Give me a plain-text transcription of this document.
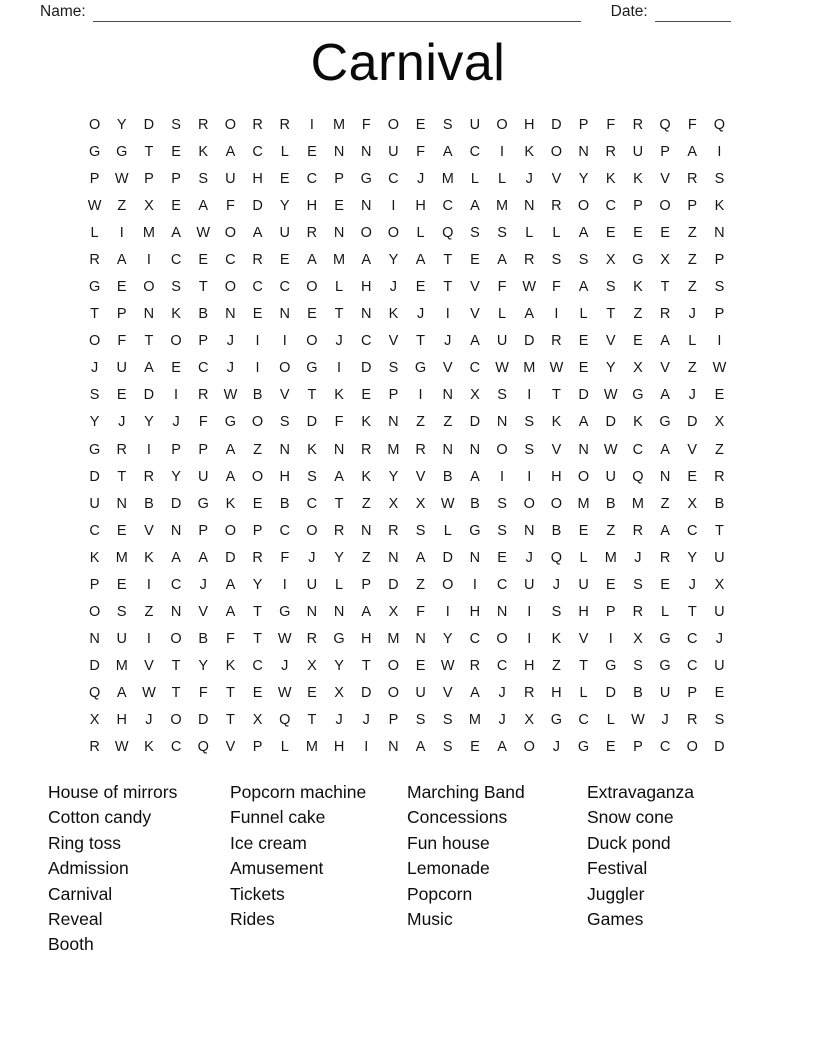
Name:	Date:
Carnival
O	Y	D	S	R	O	R	R	I	M	F	O	E	S	U	O	H	D	P	F	R	Q	F	Q
G	G	T	E	K	A	C	L	E	N	N	U	F	A	C	I	K	O	N	R	U	P	A	I
P	W	P	P	S	U	H	E	C	P	G	C	J	M	L	L	J	V	Y	K	K	V	R	S
W	Z	X	E	A	F	D	Y	H	E	N	I	H	C	A	M	N	R	O	C	P	O	P	K
L	I	M	A	W	O	A	U	R	N	O	O	L	Q	S	S	L	L	A	E	E	E	Z	N
R	A	I	C	E	C	R	E	A	M	A	Y	A	T	E	A	R	S	S	X	G	X	Z	P
G	E	O	S	T	O	C	C	O	L	H	J	E	T	V	F	W	F	A	S	K	T	Z	S
T	P	N	K	B	N	E	N	E	T	N	K	J	I	V	L	A	I	L	T	Z	R	J	P
O	F	T	O	P	J	I	I	O	J	C	V	T	J	A	U	D	R	E	V	E	A	L	I
J	U	A	E	C	J	I	O	G	I	D	S	G	V	C	W M W	E	Y	X	V	Z	W
S	E	D	I	R	W	B	V	T	K	E	P	I	N	X	S	I	T	D	W	G	A	J	E
Y	J	Y	J	F	G	O	S	D	F	K	N	Z	Z	D	N	S	K	A	D	K	G	D	X
G	R	I	P	P	A	Z	N	K	N	R	M	R	N	N	O	S	V	N	W	C	A	V	Z
D	T	R	Y	U	A	O	H	S	A	K	Y	V	B	A	I	I	H	O	U	Q	N	E	R
U	N	B	D	G	K	E	B	C	T	Z	X	X	W	B	S	O	O	M	B	M	Z	X	B
C	E	V	N	P	O	P	C	O	R	N	R	S	L	G	S	N	B	E	Z	R	A	C	T
K	M	K	A	A	D	R	F	J	Y	Z	N	A	D	N	E	J	Q	L	M	J	R	Y	U
P	E	I	C	J	A	Y	I	U	L	P	D	Z	O	I	C	U	J	U	E	S	E	J	X
O	S	Z	N	V	A	T	G	N	N	A	X	F	I	H	N	I	S	H	P	R	L	T	U
N	U	I	O	B	F	T	W	R	G	H	M	N	Y	C	O	I	K	V	I	X	G	C	J
D	M	V	T	Y	K	C	J	X	Y	T	O	E	W	R	C	H	Z	T	G	S	G	C	U
Q	A	W	T	F	T	E	W	E	X	D	O	U	V	A	J	R	H	L	D	B	U	P	E
X	H	J	O	D	T	X	Q	T	J	J	P	S	S	M	J	X	G	C	L	W	J	R	S
R	W	K	C	Q	V	P	L	M	H	I	N	A	S	E	A	O	J	G	E	P	C	O	D
House of mirrors
Cotton candy
Ring toss
Admission
Carnival
Reveal
Booth
Popcorn machine
Funnel cake
Ice cream
Amusement
Tickets
Rides
Marching Band
Concessions
Fun house
Lemonade
Popcorn
Music
Extravaganza
Snow cone
Duck pond
Festival
Juggler
Games
